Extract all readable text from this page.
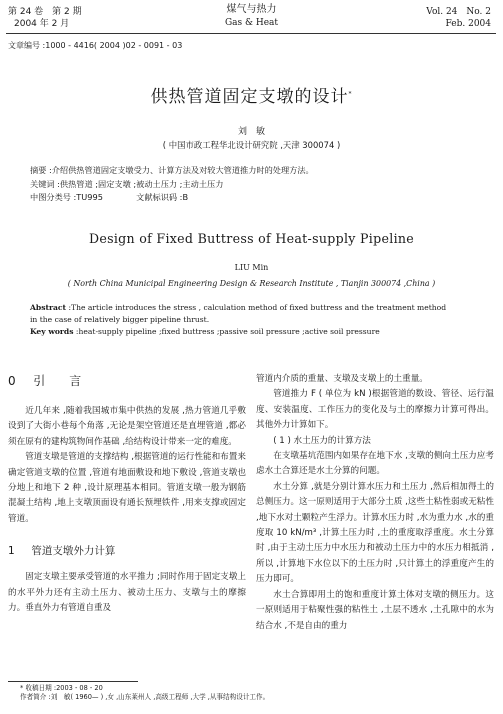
第 24 卷　第 2 期
2004 年 2 月
煤气与热力
Gas & Heat
Vol. 24　No. 2
Feb. 2004
文章编号 :1000 - 4416( 2004 )02 - 0091 - 03
供热管道固定支墩的设计*
刘　敏
( 中国市政工程华北设计研究院 ,天津 300074 )
摘要 :介绍供热管道固定支墩受力、计算方法及对较大管道推力时的处理方法。
关键词 :供热管道 ;固定支墩 ;被动土压力 ;主动土压力
中图分类号 :TU995	文献标识码 :B
Design of Fixed Buttress of Heat-supply Pipeline
LIU Min
( North China Municipal Engineering Design & Research Institute , Tianjin 300074 ,China )
Abstract :The article introduces the stress , calculation method of fixed buttress and the treatment method
in the case of relatively bigger pipeline thrust.
Key words :heat-supply pipeline ;fixed buttress ;passive soil pressure ;active soil pressure
0 引　　言

近几年来 ,随着我国城市集中供热的发展 ,热力管道几乎敷设到了大街小巷每个角落 ,无论是架空管道还是直埋管道 ,都必须在原有的建构筑物间作基础 ,给结构设计带来一定的难度。

管道支墩是管道的支撑结构 ,根据管道的运行性能和布置来确定管道支墩的位置 ,管道有地面敷设和地下敷设 ,管道支墩也分地上和地下 2 种 ,设计原理基本相同。管道支墩一般为钢筋混凝土结构 ,地上支墩顶面设有通长预埋铁件 ,用来支撑或固定管道。

1 管道支墩外力计算

固定支墩主要承受管道的水平推力 ;同时作用于固定支墩上的水平外力还有主动土压力、被动土压力、支墩与土的摩擦力。垂直外力有管道自重及

管道内介质的重量、支墩及支墩上的土重量。

管道推力 F ( 单位为 kN )根据管道的数设、管径、运行温度、安装温度、工作压力的变化及与土的摩擦力计算可得出。其他外力计算如下。

( 1 ) 水土压力的计算方法

在支墩基坑范围内如果存在地下水 ,支墩的侧向土压力应考虑水土合算还是水土分算的问题。

水土分算 ,就是分别计算水压力和土压力 ,然后相加得土的总侧压力。这一原则适用于大部分土质 ,这些土粘性弱或无粘性 ,地下水对土颗粒产生浮力。计算水压力时 ,水为重力水 ,水的重度取 10 kN/m³ ,计算土压力时 ,土的重度取浮重度。水土分算时 ,由于主动土压力中水压力和被动土压力中的水压力相抵消 ,所以 ,计算地下水位以下的土压力时 ,只计算土的浮重度产生的压力即可。

水土合算即用土的饱和重度计算土体对支墩的侧压力。这一原则适用于粘聚性强的粘性土 ,土层不透水 ,土孔隙中的水为结合水 ,不是自由的重力

* 收稿日期 :2003 - 08 - 20
作者简介 :刘　敏( 1960— ) ,女 ,山东莱州人 ,高级工程师 ,大学 ,从事结构设计工作。
